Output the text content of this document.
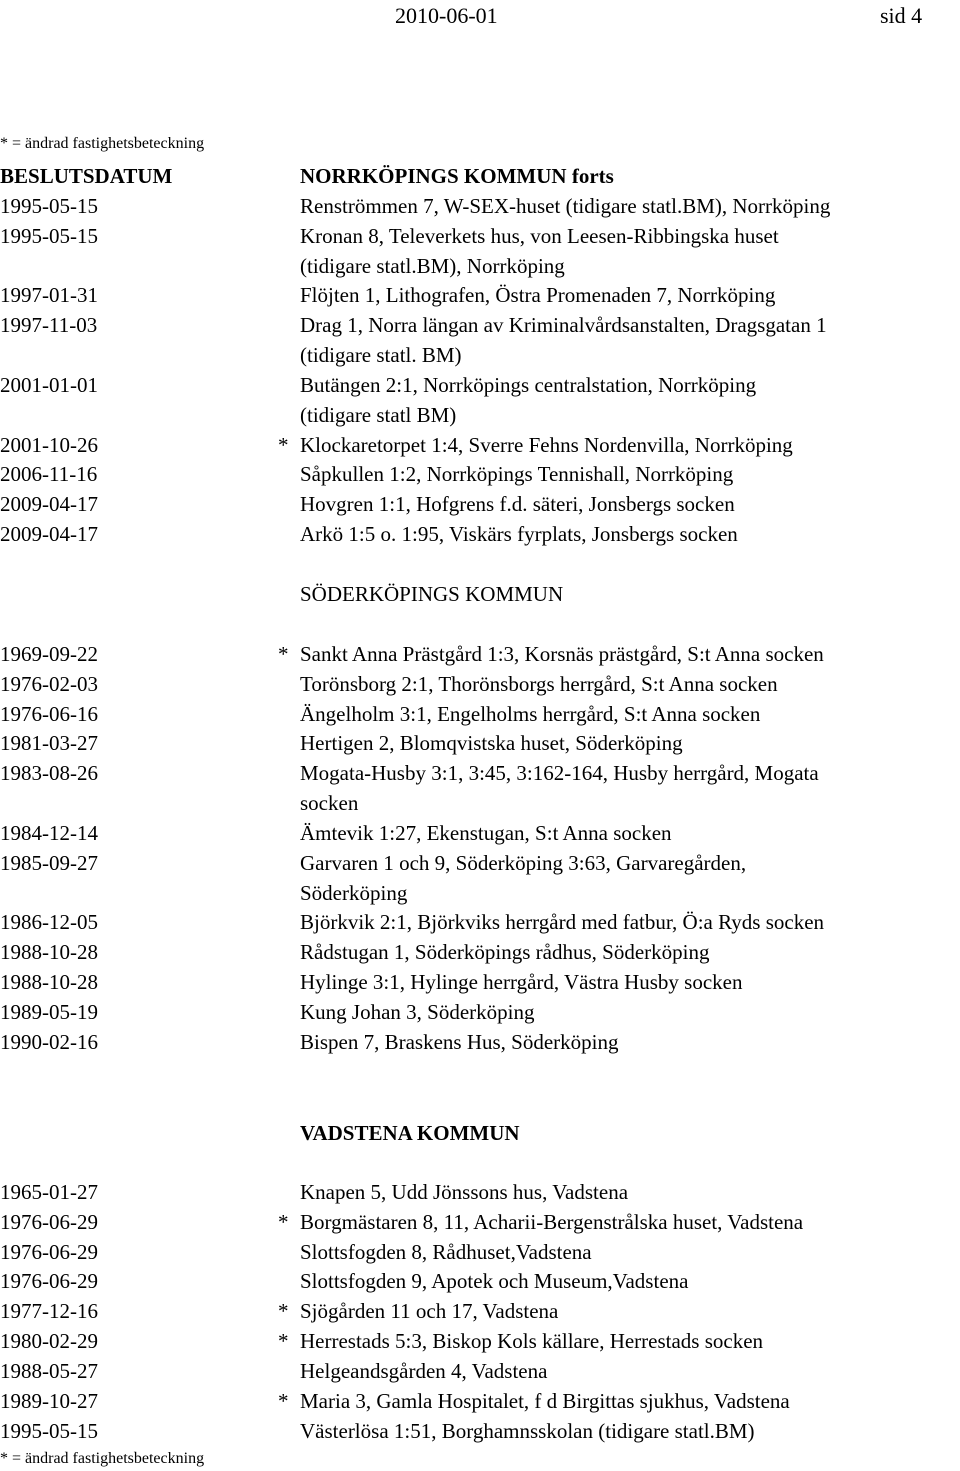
2010-06-01	sid 4
* = ändrad fastighetsbeteckning
BESLUTSDATUM	NORRKÖPINGS KOMMUN forts
1995-05-15	Renströmmen 7, W-SEX-huset (tidigare statl.BM), Norrköping
1995-05-15	Kronan 8, Televerkets hus, von Leesen-Ribbingska huset
(tidigare statl.BM), Norrköping
1997-01-31	Flöjten 1, Lithografen, Östra Promenaden 7, Norrköping
1997-11-03	Drag 1, Norra längan av Kriminalvårdsanstalten, Dragsgatan 1
(tidigare statl. BM)
2001-01-01	Butängen 2:1, Norrköpings centralstation, Norrköping
(tidigare statl BM)
2001-10-26	* Klockaretorpet 1:4, Sverre Fehns Nordenvilla, Norrköping
2006-11-16	Såpkullen 1:2, Norrköpings Tennishall, Norrköping
2009-04-17	Hovgren 1:1, Hofgrens f.d. säteri, Jonsbergs socken
2009-04-17	Arkö 1:5 o. 1:95, Viskärs fyrplats, Jonsbergs socken
SÖDERKÖPINGS KOMMUN
1969-09-22	* Sankt Anna Prästgård 1:3, Korsnäs prästgård, S:t Anna socken
1976-02-03	Torönsborg 2:1, Thorönsborgs herrgård, S:t Anna socken
1976-06-16	Ängelholm 3:1, Engelholms herrgård, S:t Anna socken
1981-03-27	Hertigen 2, Blomqvistska huset, Söderköping
1983-08-26	Mogata-Husby 3:1, 3:45, 3:162-164, Husby herrgård, Mogata
socken
1984-12-14	Ämtevik 1:27, Ekenstugan, S:t Anna socken
1985-09-27	Garvaren 1 och 9, Söderköping 3:63, Garvaregården,
Söderköping
1986-12-05	Björkvik 2:1, Björkviks herrgård med fatbur, Ö:a Ryds socken
1988-10-28	Rådstugan 1, Söderköpings rådhus, Söderköping
1988-10-28	Hylinge 3:1, Hylinge herrgård, Västra Husby socken
1989-05-19	Kung Johan 3, Söderköping
1990-02-16	Bispen 7, Braskens Hus, Söderköping
VADSTENA KOMMUN
1965-01-27	Knapen 5, Udd Jönssons hus, Vadstena
1976-06-29	* Borgmästaren 8, 11, Acharii-Bergenstrålska huset, Vadstena
1976-06-29	Slottsfogden 8, Rådhuset,Vadstena
1976-06-29	Slottsfogden 9, Apotek och Museum,Vadstena
1977-12-16	* Sjögården 11 och 17, Vadstena
1980-02-29	* Herrestads 5:3, Biskop Kols källare, Herrestads socken
1988-05-27	Helgeandsgården 4, Vadstena
1989-10-27	* Maria 3, Gamla Hospitalet, f d Birgittas sjukhus, Vadstena
1995-05-15	Västerlösa 1:51, Borghamnsskolan (tidigare statl.BM)
* = ändrad fastighetsbeteckning
